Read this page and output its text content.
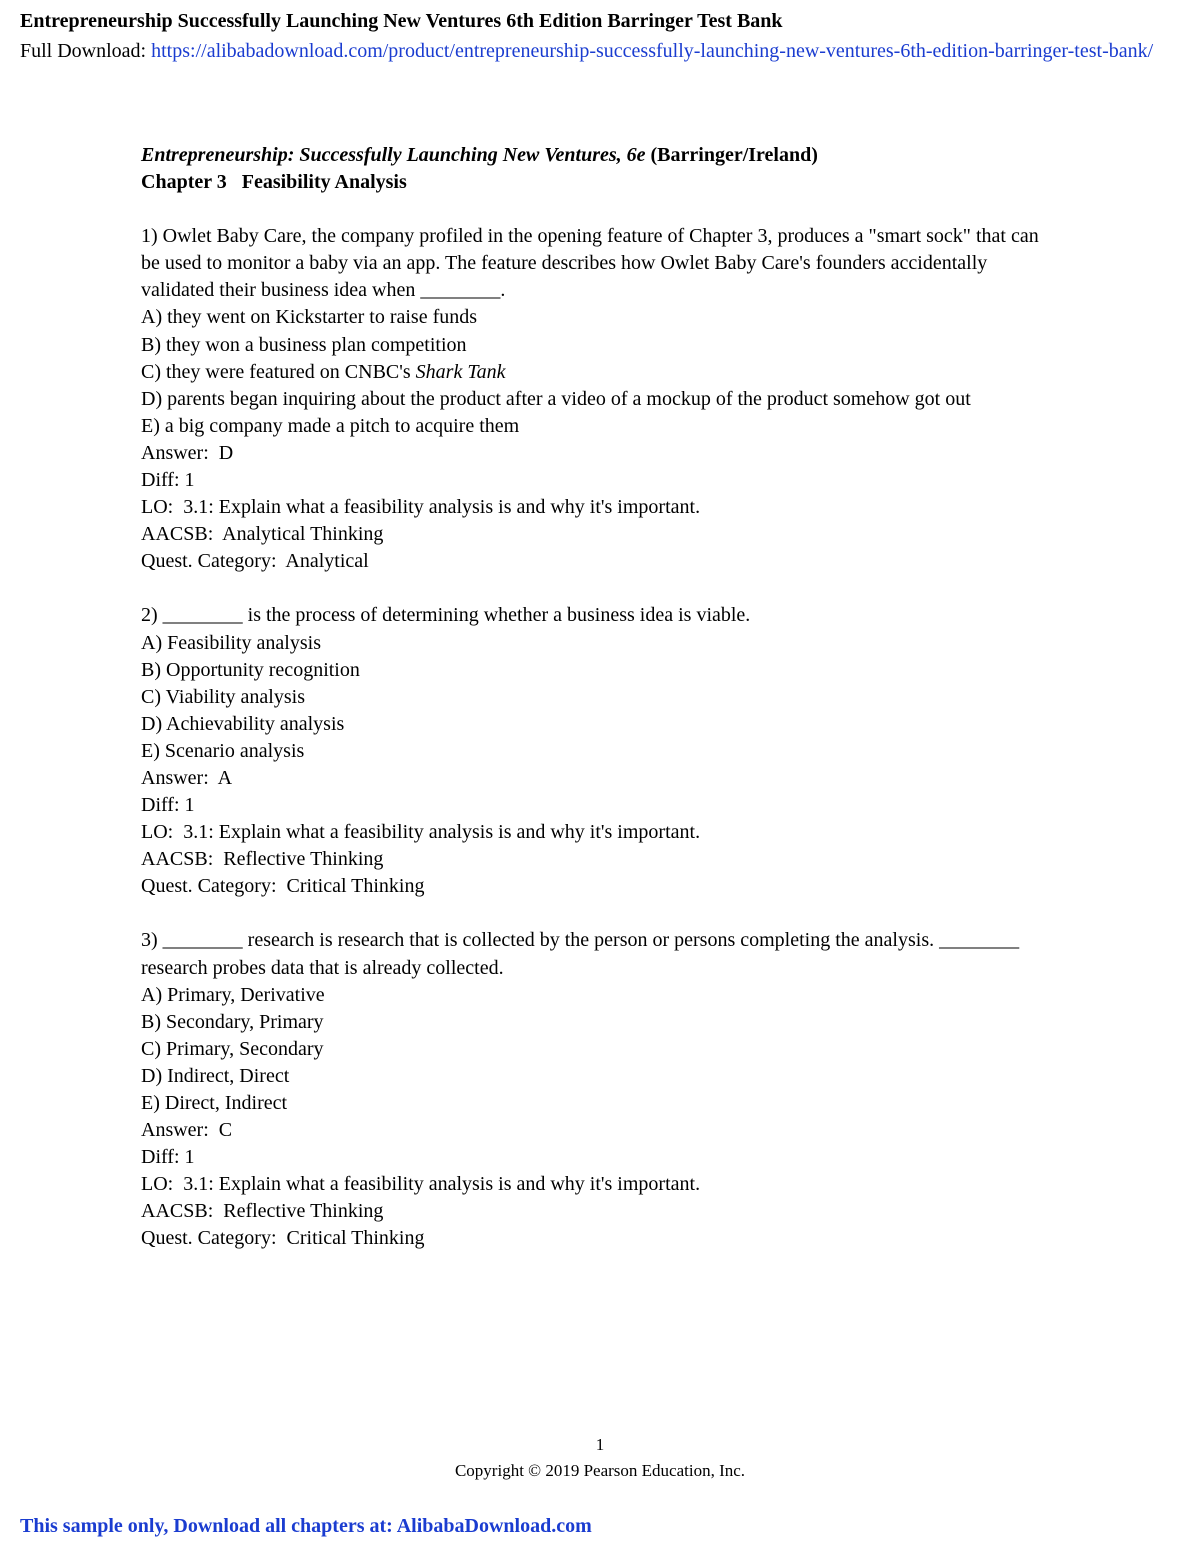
Entrepreneurship Successfully Launching New Ventures 6th Edition Barringer Test Bank
Full Download: https://alibabadownload.com/product/entrepreneurship-successfully-launching-new-ventures-6th-edition-barringer-test-bank/

Entrepreneurship: Successfully Launching New Ventures, 6e (Barringer/Ireland)

Chapter 3   Feasibility Analysis

1) Owlet Baby Care, the company profiled in the opening feature of Chapter 3, produces a "smart sock" that can be used to monitor a baby via an app. The feature describes how Owlet Baby Care's founders accidentally validated their business idea when ________.

A) they went on Kickstarter to raise funds

B) they won a business plan competition

C) they were featured on CNBC's Shark Tank

D) parents began inquiring about the product after a video of a mockup of the product somehow got out

E) a big company made a pitch to acquire them

Answer:  D

Diff: 1

LO:  3.1: Explain what a feasibility analysis is and why it's important.

AACSB:  Analytical Thinking

Quest. Category:  Analytical

2) ________ is the process of determining whether a business idea is viable.

A) Feasibility analysis

B) Opportunity recognition

C) Viability analysis

D) Achievability analysis

E) Scenario analysis

Answer:  A

Diff: 1

LO:  3.1: Explain what a feasibility analysis is and why it's important.

AACSB:  Reflective Thinking

Quest. Category:  Critical Thinking

3) ________ research is research that is collected by the person or persons completing the analysis. ________ research probes data that is already collected.

A) Primary, Derivative

B) Secondary, Primary

C) Primary, Secondary

D) Indirect, Direct

E) Direct, Indirect

Answer:  C

Diff: 1

LO:  3.1: Explain what a feasibility analysis is and why it's important.

AACSB:  Reflective Thinking

Quest. Category:  Critical Thinking

1
Copyright © 2019 Pearson Education, Inc.
This sample only, Download all chapters at: AlibabaDownload.com
